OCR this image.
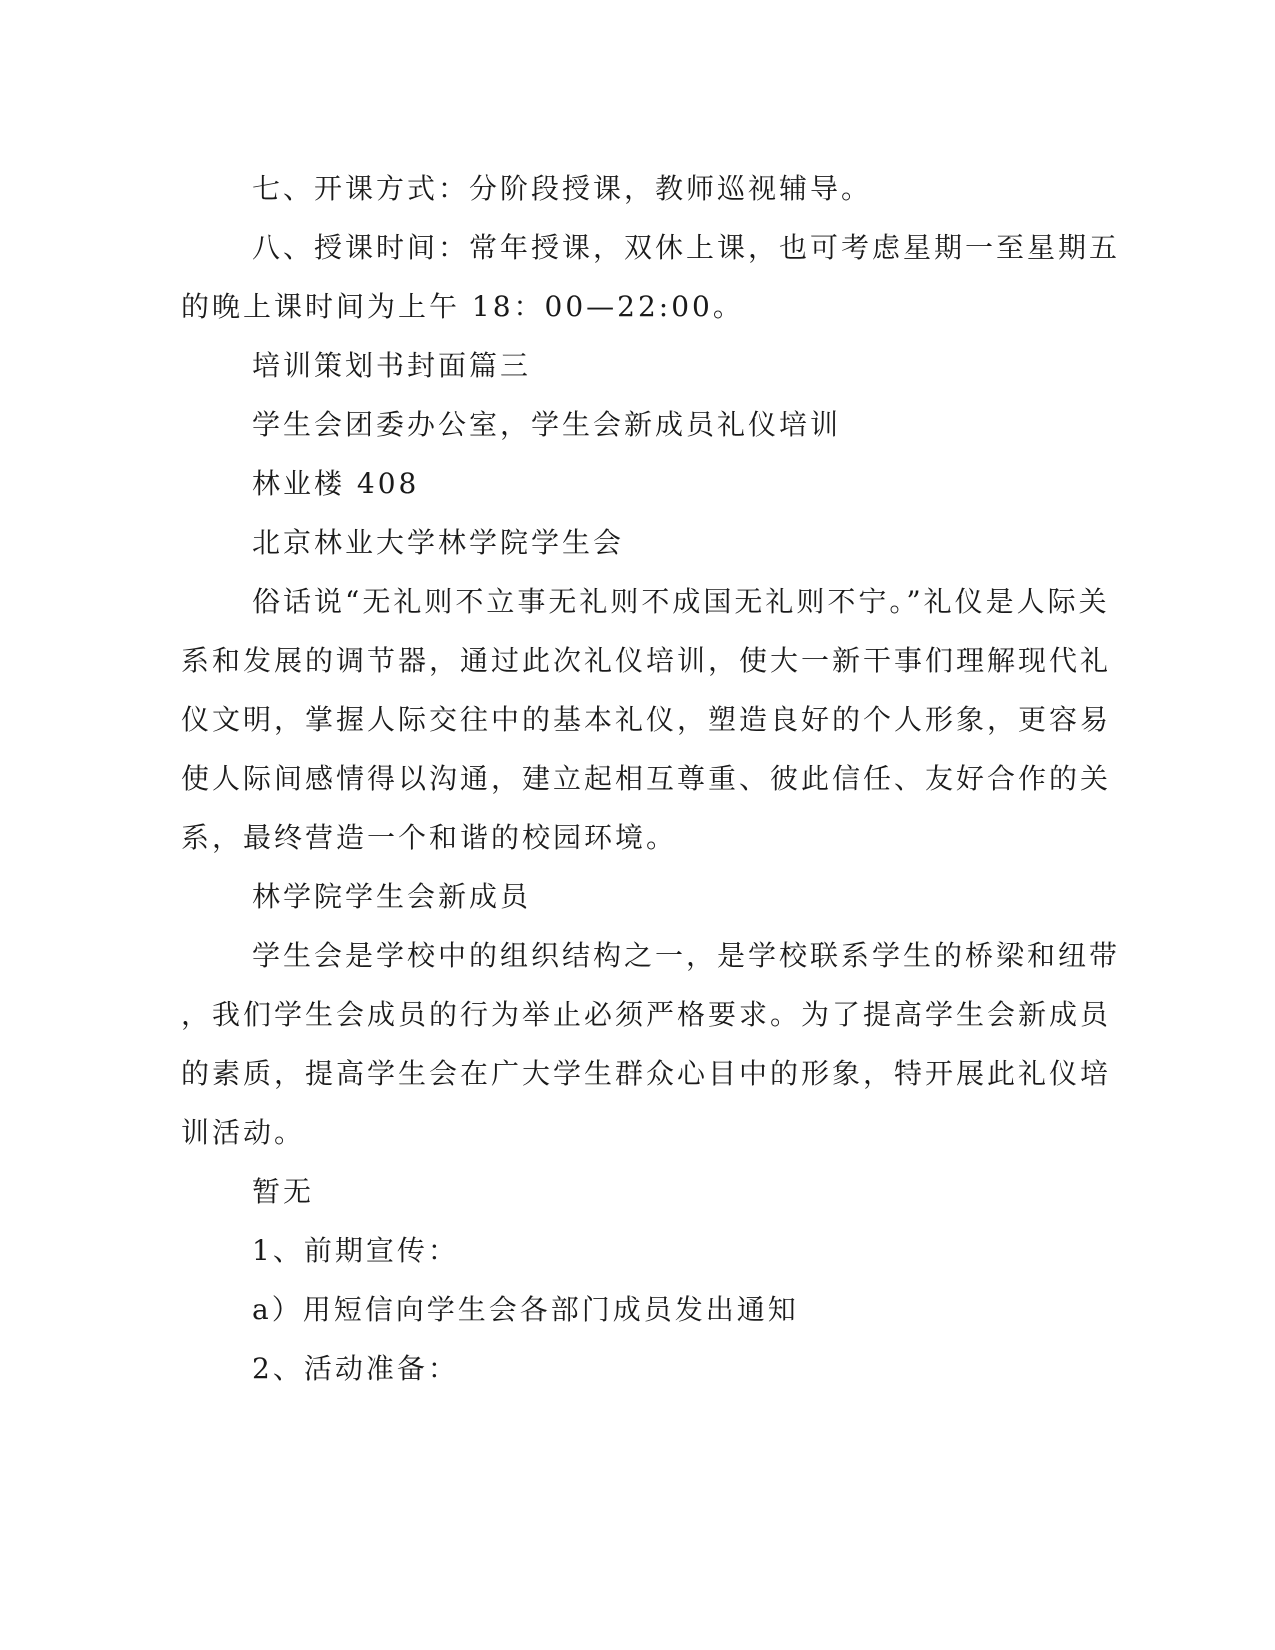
七、开课方式：分阶段授课，教师巡视辅导。
八、授课时间：常年授课，双休上课，也可考虑星期一至星期五
的晚上课时间为上午 18：00—22:00。
培训策划书封面篇三
学生会团委办公室，学生会新成员礼仪培训
林业楼 408
北京林业大学林学院学生会
俗话说“无礼则不立事无礼则不成国无礼则不宁。”礼仪是人际关
系和发展的调节器，通过此次礼仪培训，使大一新干事们理解现代礼
仪文明，掌握人际交往中的基本礼仪，塑造良好的个人形象，更容易
使人际间感情得以沟通，建立起相互尊重、彼此信任、友好合作的关
系，最终营造一个和谐的校园环境。
林学院学生会新成员
学生会是学校中的组织结构之一，是学校联系学生的桥梁和纽带
，我们学生会成员的行为举止必须严格要求。为了提高学生会新成员
的素质，提高学生会在广大学生群众心目中的形象，特开展此礼仪培
训活动。
暂无
1、前期宣传：
a）用短信向学生会各部门成员发出通知
2、活动准备：
